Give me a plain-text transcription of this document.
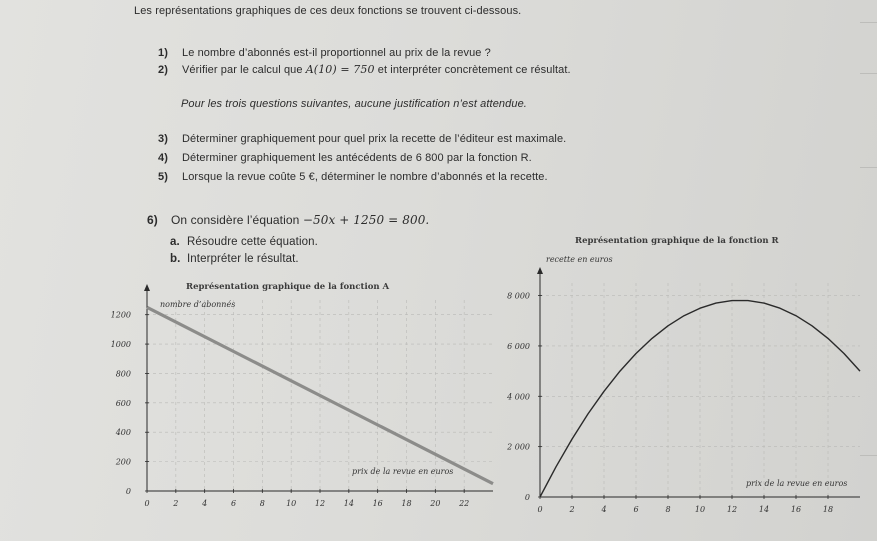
Les représentations graphiques de ces deux fonctions se trouvent ci-dessous.
1) Le nombre d’abonnés est-il proportionnel au prix de la revue ?
2) Vérifier par le calcul que A(10) = 750 et interpréter concrètement ce résultat.
Pour les trois questions suivantes, aucune justification n’est attendue.
3) Déterminer graphiquement pour quel prix la recette de l’éditeur est maximale.
4) Déterminer graphiquement les antécédents de 6 800 par la fonction R.
5) Lorsque la revue coûte 5 €, déterminer le nombre d’abonnés et la recette.
6) On considère l’équation −50x + 1250 = 800.
a. Résoudre cette équation.
b. Interpréter le résultat.
0	2	4	6	8	10 12 14 16 18 20 22
0
200
400
600
800
1000
1200
Représentation graphique de la fonction A
nombre d’abonnés
prix de la revue en euros
0	2	4	6	8	10	12	14	16	18
0
2 000
4 000
6 000
8 000
Représentation graphique de la fonction R
recette en euros
prix de la revue en euros
